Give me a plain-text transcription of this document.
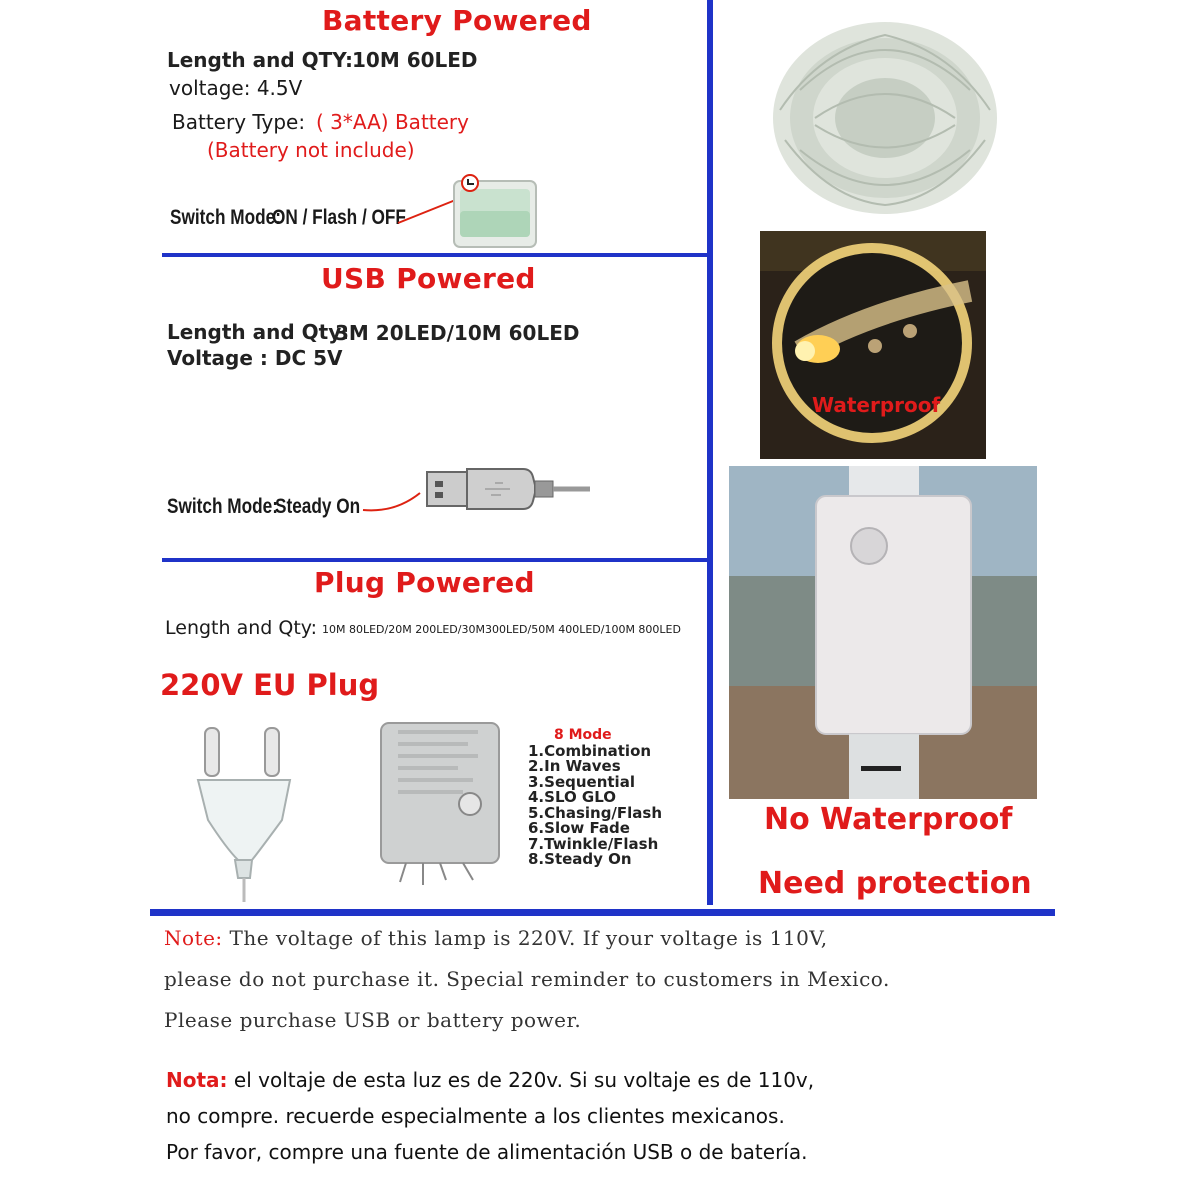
Battery Powered
Length and QTY:
10M 60LED
voltage: 4.5V
Battery Type: ( 3*AA) Battery
(Battery not include)
Switch Mode:
ON / Flash / OFF
USB Powered
Length and Qty:
3M 20LED/10M 60LED
Voltage : DC 5V
Switch Mode:
Steady On
Plug Powered
Length and Qty: 10M 80LED/20M 200LED/30M300LED/50M 400LED/100M 800LED
220V EU Plug
8 Mode
1.Combination
2.In Waves
3.Sequential
4.SLO GLO
5.Chasing/Flash
6.Slow Fade
7.Twinkle/Flash
8.Steady On
Waterproof
No Waterproof
Need protection
Note: The voltage of this lamp is 220V. If your voltage is 110V,
please do not purchase it. Special reminder to customers in Mexico.
Please purchase USB or battery power.
Nota: el voltaje de esta luz es de 220v. Si su voltaje es de 110v,
no compre. recuerde especialmente a los clientes mexicanos.
Por favor, compre una fuente de alimentación USB o de batería.
